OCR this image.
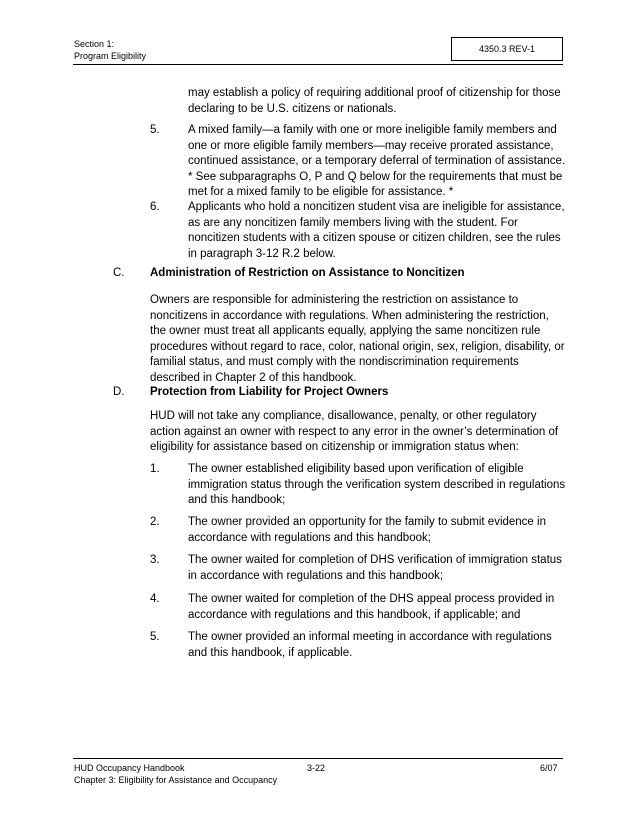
Section 1:
Program Eligibility
4350.3 REV-1
may establish a policy of requiring additional proof of citizenship for those
declaring to be U.S. citizens or nationals.
5. A mixed family—a family with one or more ineligible family members and
one or more eligible family members—may receive prorated assistance,
continued assistance, or a temporary deferral of termination of assistance.
* See subparagraphs O, P and Q below for the requirements that must be
met for a mixed family to be eligible for assistance. *
6. Applicants who hold a noncitizen student visa are ineligible for assistance,
as are any noncitizen family members living with the student. For
noncitizen students with a citizen spouse or citizen children, see the rules
in paragraph 3-12 R.2 below.
C. Administration of Restriction on Assistance to Noncitizen
Owners are responsible for administering the restriction on assistance to
noncitizens in accordance with regulations. When administering the restriction,
the owner must treat all applicants equally, applying the same noncitizen rule
procedures without regard to race, color, national origin, sex, religion, disability, or
familial status, and must comply with the nondiscrimination requirements
described in Chapter 2 of this handbook.
D. Protection from Liability for Project Owners
HUD will not take any compliance, disallowance, penalty, or other regulatory
action against an owner with respect to any error in the owner’s determination of
eligibility for assistance based on citizenship or immigration status when:
1. The owner established eligibility based upon verification of eligible
immigration status through the verification system described in regulations
and this handbook;
2. The owner provided an opportunity for the family to submit evidence in
accordance with regulations and this handbook;
3. The owner waited for completion of DHS verification of immigration status
in accordance with regulations and this handbook;
4. The owner waited for completion of the DHS appeal process provided in
accordance with regulations and this handbook, if applicable; and
5. The owner provided an informal meeting in accordance with regulations
and this handbook, if applicable.
HUD Occupancy Handbook	3-22	6/07
Chapter 3: Eligibility for Assistance and Occupancy
